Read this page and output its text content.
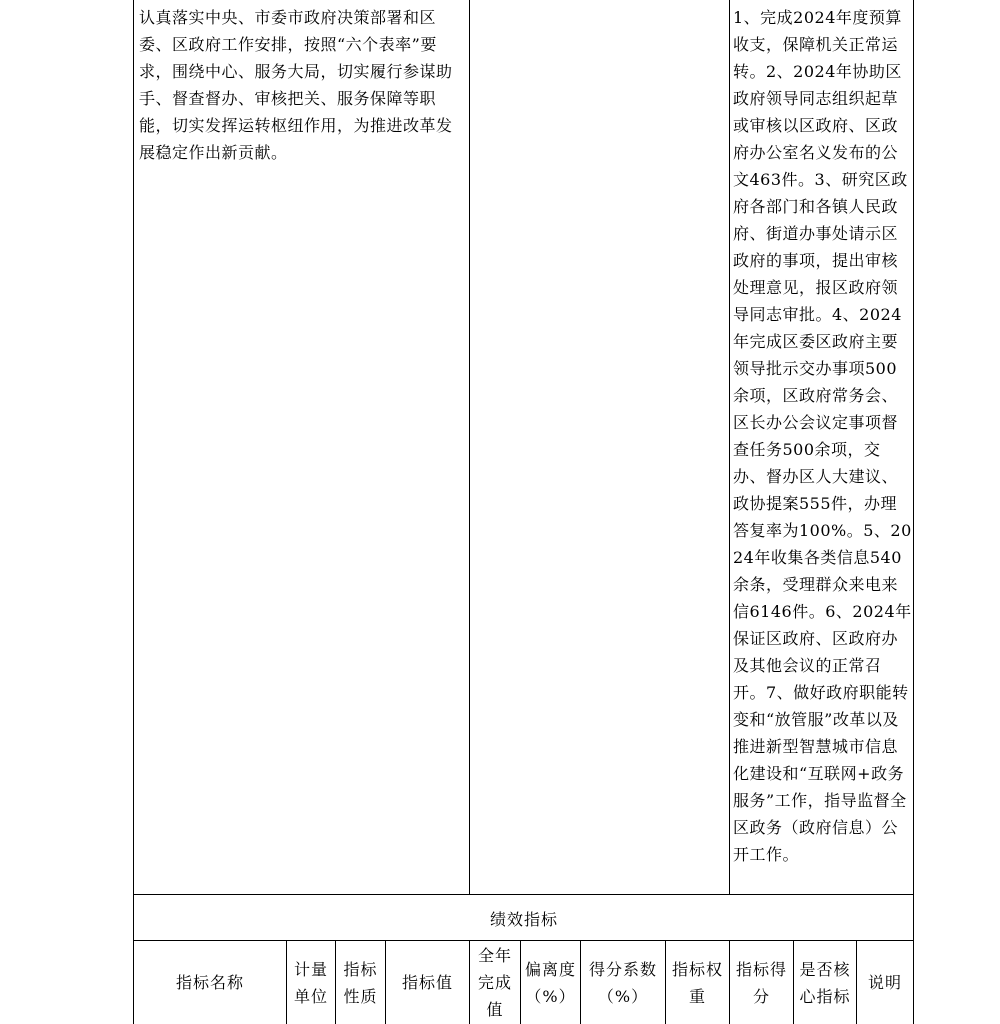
认真落实中央、市委市政府决策部署和区委、区政府工作安排，按照“六个表率”要求，围绕中心、服务大局，切实履行参谋助手、督查督办、审核把关、服务保障等职能，切实发挥运转枢纽作用，为推进改革发展稳定作出新贡献。
1、完成2024年度预算收支，保障机关正常运转。2、2024年协助区政府领导同志组织起草或审核以区政府、区政府办公室名义发布的公文463件。3、研究区政府各部门和各镇人民政府、街道办事处请示区政府的事项，提出审核处理意见，报区政府领导同志审批。4、2024年完成区委区政府主要领导批示交办事项500余项，区政府常务会、区长办公会议定事项督查任务500余项，交办、督办区人大建议、政协提案555件，办理答复率为100%。5、2024年收集各类信息540余条，受理群众来电来信6146件。6、2024年保证区政府、区政府办及其他会议的正常召开。7、做好政府职能转变和“放管服”改革以及推进新型智慧城市信息化建设和“互联网+政务服务”工作，指导监督全区政务（政府信息）公开工作。
绩效指标
指标名称
计量单位
指标性质
指标值
全年完成值
偏离度（%）
得分系数（%）
指标权重
指标得分
是否核心指标
说明
